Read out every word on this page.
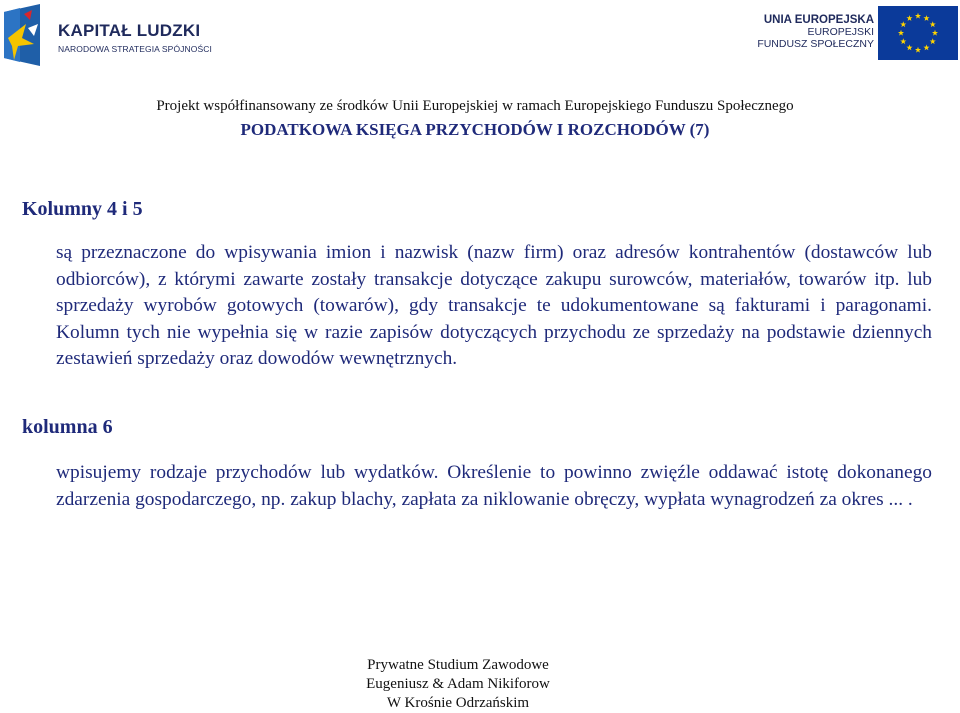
KAPITAŁ LUDZKI
NARODOWA STRATEGIA SPÓJNOŚCI
UNIA EUROPEJSKA
EUROPEJSKI
FUNDUSZ SPOŁECZNY
Projekt współfinansowany ze środków Unii Europejskiej w ramach Europejskiego Funduszu Społecznego
PODATKOWA KSIĘGA PRZYCHODÓW I ROZCHODÓW (7)
Kolumny 4 i 5
są przeznaczone do wpisywania imion i nazwisk (nazw firm) oraz adresów kontrahentów (dostawców lub odbiorców), z którymi zawarte zostały transakcje dotyczące zakupu surowców, materiałów, towarów itp. lub sprzedaży wyrobów gotowych (towarów), gdy transakcje te udokumentowane są fakturami i paragonami. Kolumn tych nie wypełnia się w razie zapisów dotyczących przychodu ze sprzedaży na podstawie dziennych zestawień sprzedaży oraz dowodów wewnętrznych.
kolumna 6
wpisujemy rodzaje przychodów lub wydatków. Określenie to powinno zwięźle oddawać istotę dokonanego zdarzenia gospodarczego, np. zakup blachy, zapłata za niklowanie obręczy, wypłata wynagrodzeń za okres ... .
Prywatne Studium Zawodowe
Eugeniusz & Adam Nikiforow
W Krośnie Odrzańskim
